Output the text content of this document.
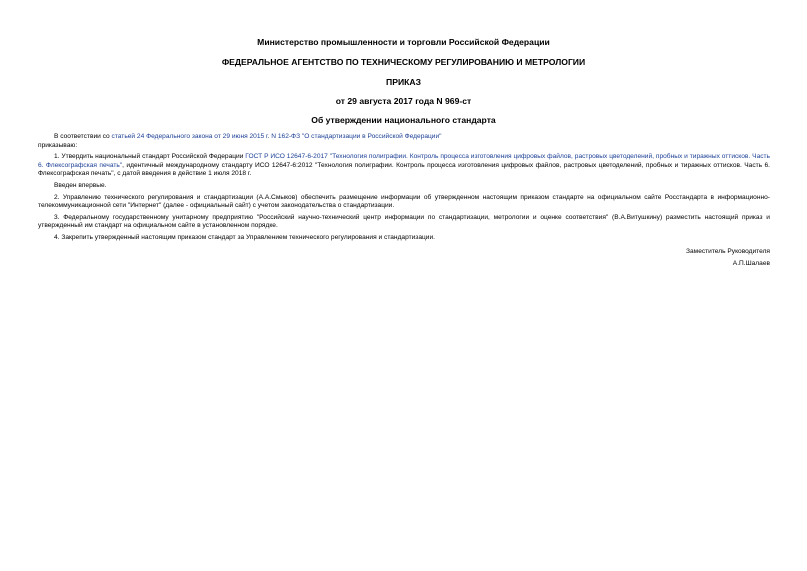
Министерство промышленности и торговли Российской Федерации
ФЕДЕРАЛЬНОЕ АГЕНТСТВО ПО ТЕХНИЧЕСКОМУ РЕГУЛИРОВАНИЮ И МЕТРОЛОГИИ
ПРИКАЗ
от 29 августа 2017 года N 969-ст
Об утверждении национального стандарта

В соответствии со статьей 24 Федерального закона от 29 июня 2015 г. N 162-ФЗ "О стандартизации в Российской Федерации"

приказываю:

1. Утвердить национальный стандарт Российской Федерации ГОСТ Р ИСО 12647-6-2017 "Технология полиграфии. Контроль процесса изготовления цифровых файлов, растровых цветоделений, пробных и тиражных оттисков. Часть 6. Флексографская печать", идентичный международному стандарту ИСО 12647-6:2012 "Технология полиграфии. Контроль процесса изготовления цифровых файлов, растровых цветоделений, пробных и тиражных оттисков. Часть 6. Флексографская печать", с датой введения в действие 1 июля 2018 г.

Введен впервые.

2. Управлению технического регулирования и стандартизации (А.А.Смыков) обеспечить размещение информации об утвержденном настоящим приказом стандарте на официальном сайте Росстандарта в информационно-телекоммуникационной сети "Интернет" (далее - официальный сайт) с учетом законодательства о стандартизации.

3. Федеральному государственному унитарному предприятию "Российский научно-технический центр информации по стандартизации, метрологии и оценке соответствия" (В.А.Витушкину) разместить настоящий приказ и утвержденный им стандарт на официальном сайте в установленном порядке.

4. Закрепить утвержденный настоящим приказом стандарт за Управлением технического регулирования и стандартизации.

Заместитель Руководителя
А.П.Шалаев
